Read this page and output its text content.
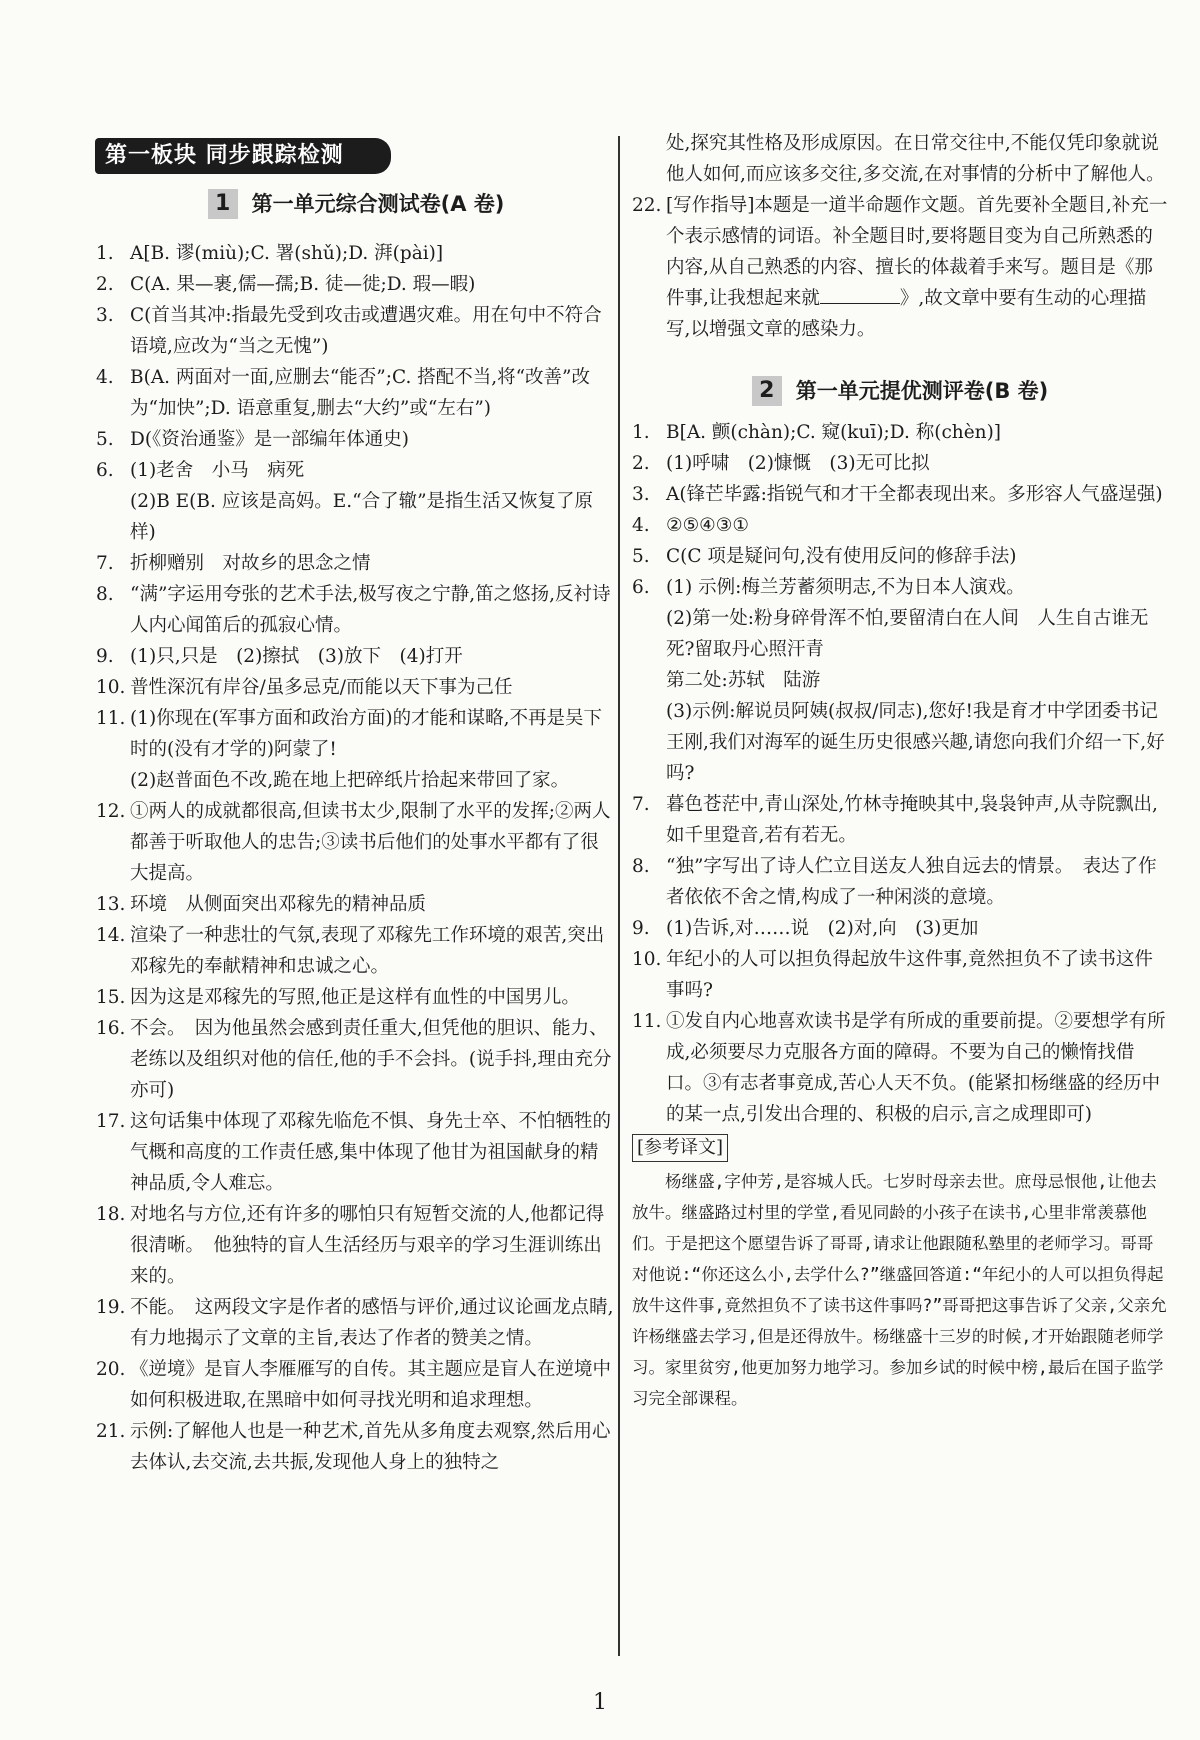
第一板块 同步跟踪检测
1	第一单元综合测试卷(A 卷)
1. A[B. 谬(miù);C. 署(shǔ);D. 湃(pài)]
2. C(A. 果—裹,儒—孺;B. 徒—徙;D. 瑕—暇)
3. C(首当其冲:指最先受到攻击或遭遇灾难。用在句中不符合语境,应改为“当之无愧”)
4. B(A. 两面对一面,应删去“能否”;C. 搭配不当,将“改善”改为“加快”;D. 语意重复,删去“大约”或“左右”)
5. D(《资治通鉴》是一部编年体通史)
6. (1)老舍　小马　病死
(2)B E(B. 应该是高妈。E.“合了辙”是指生活又恢复了原样)
7. 折柳赠别　对故乡的思念之情
8. “满”字运用夸张的艺术手法,极写夜之宁静,笛之悠扬,反衬诗人内心闻笛后的孤寂心情。
9. (1)只,只是　(2)擦拭　(3)放下　(4)打开
10. 普性深沉有岸谷/虽多忌克/而能以天下事为己任
11. (1)你现在(军事方面和政治方面)的才能和谋略,不再是吴下时的(没有才学的)阿蒙了!
(2)赵普面色不改,跪在地上把碎纸片拾起来带回了家。
12. ①两人的成就都很高,但读书太少,限制了水平的发挥;②两人都善于听取他人的忠告;③读书后他们的处事水平都有了很大提高。
13. 环境　从侧面突出邓稼先的精神品质
14. 渲染了一种悲壮的气氛,表现了邓稼先工作环境的艰苦,突出邓稼先的奉献精神和忠诚之心。
15. 因为这是邓稼先的写照,他正是这样有血性的中国男儿。
16. 不会。　因为他虽然会感到责任重大,但凭他的胆识、能力、老练以及组织对他的信任,他的手不会抖。(说手抖,理由充分亦可)
17. 这句话集中体现了邓稼先临危不惧、身先士卒、不怕牺牲的气概和高度的工作责任感,集中体现了他甘为祖国献身的精神品质,令人难忘。
18. 对地名与方位,还有许多的哪怕只有短暂交流的人,他都记得很清晰。　他独特的盲人生活经历与艰辛的学习生涯训练出来的。
19. 不能。　这两段文字是作者的感悟与评价,通过议论画龙点睛,有力地揭示了文章的主旨,表达了作者的赞美之情。
20. 《逆境》是盲人李雁雁写的自传。其主题应是盲人在逆境中如何积极进取,在黑暗中如何寻找光明和追求理想。
21. 示例:了解他人也是一种艺术,首先从多角度去观察,然后用心去体认,去交流,去共振,发现他人身上的独特之
处,探究其性格及形成原因。在日常交往中,不能仅凭印象就说他人如何,而应该多交往,多交流,在对事情的分析中了解他人。
22. [写作指导]本题是一道半命题作文题。首先要补全题目,补充一个表示感情的词语。补全题目时,要将题目变为自己所熟悉的内容,从自己熟悉的内容、擅长的体裁着手来写。题目是《那件事,让我想起来就	》,故文章中要有生动的心理描写,以增强文章的感染力。
2	第一单元提优测评卷(B 卷)
1. B[A. 颤(chàn);C. 窥(kuī);D. 称(chèn)]
2. (1)呼啸　(2)慷慨　(3)无可比拟
3. A(锋芒毕露:指锐气和才干全都表现出来。多形容人气盛逞强)
4. ②⑤④③①
5. C(C 项是疑问句,没有使用反问的修辞手法)
6. (1) 示例:梅兰芳蓄须明志,不为日本人演戏。
(2)第一处:粉身碎骨浑不怕,要留清白在人间　人生自古谁无死?留取丹心照汗青
第二处:苏轼　陆游
(3)示例:解说员阿姨(叔叔/同志),您好!我是育才中学团委书记王刚,我们对海军的诞生历史很感兴趣,请您向我们介绍一下,好吗?
7. 暮色苍茫中,青山深处,竹林寺掩映其中,袅袅钟声,从寺院飘出,如千里跫音,若有若无。
8. “独”字写出了诗人伫立目送友人独自远去的情景。　表达了作者依依不舍之情,构成了一种闲淡的意境。
9. (1)告诉,对……说　(2)对,向　(3)更加
10. 年纪小的人可以担负得起放牛这件事,竟然担负不了读书这件事吗?
11. ①发自内心地喜欢读书是学有所成的重要前提。②要想学有所成,必须要尽力克服各方面的障碍。不要为自己的懒惰找借口。③有志者事竟成,苦心人天不负。(能紧扣杨继盛的经历中的某一点,引发出合理的、积极的启示,言之成理即可)
[参考译文]
杨继盛,字仲芳,是容城人氏。七岁时母亲去世。庶母忌恨他,让他去放牛。继盛路过村里的学堂,看见同龄的小孩子在读书,心里非常羡慕他们。于是把这个愿望告诉了哥哥,请求让他跟随私塾里的老师学习。哥哥对他说:“你还这么小,去学什么?”继盛回答道:“年纪小的人可以担负得起放牛这件事,竟然担负不了读书这件事吗?”哥哥把这事告诉了父亲,父亲允许杨继盛去学习,但是还得放牛。杨继盛十三岁的时候,才开始跟随老师学习。家里贫穷,他更加努力地学习。参加乡试的时候中榜,最后在国子监学习完全部课程。
1
